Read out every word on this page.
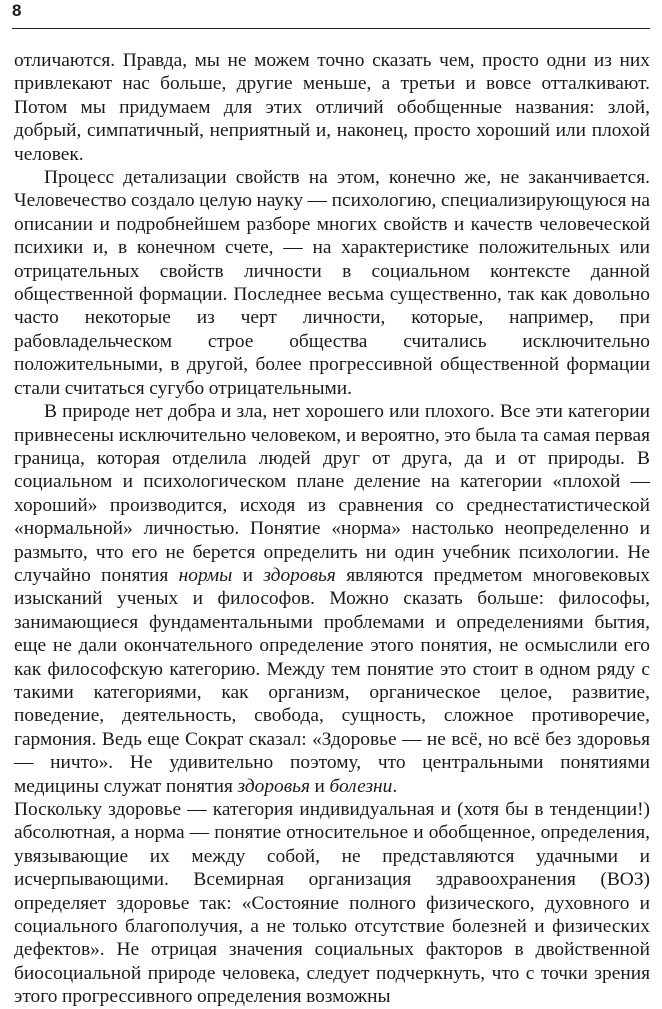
8

отличаются. Правда, мы не можем точно сказать чем, просто одни из них привлекают нас больше, другие меньше, а третьи и вовсе отталкивают. Потом мы придумаем для этих отличий обобщенные названия: злой, добрый, симпатичный, неприятный и, наконец, просто хороший или плохой человек.

Процесс детализации свойств на этом, конечно же, не заканчивается. Человечество создало целую науку — психологию, специализирующуюся на описании и подробнейшем разборе многих свойств и качеств человеческой психики и, в конечном счете, — на характеристике положительных или отрицательных свойств личности в социальном контексте данной общественной формации. Последнее весьма существенно, так как довольно часто некоторые из черт личности, которые, например, при рабовладельческом строе общества считались исключительно положительными, в другой, более прогрессивной общественной формации стали считаться сугубо отрицательными.

В природе нет добра и зла, нет хорошего или плохого. Все эти категории привнесены исключительно человеком, и вероятно, это была та самая первая граница, которая отделила людей друг от друга, да и от природы. В социальном и психологическом плане деление на категории «плохой — хороший» производится, исходя из сравнения со среднестатистической «нормальной» личностью. Понятие «норма» настолько неопределенно и размыто, что его не берется определить ни один учебник психологии. Не случайно понятия нормы и здоровья являются предметом многовековых изысканий ученых и философов. Можно сказать больше: философы, занимающиеся фундаментальными проблемами и определениями бытия, еще не дали окончательного определение этого понятия, не осмыслили его как философскую категорию. Между тем понятие это стоит в одном ряду с такими категориями, как организм, органическое целое, развитие, поведение, деятельность, свобода, сущность, сложное противоречие, гармония. Ведь еще Сократ сказал: «Здоровье — не всё, но всё без здоровья — ничто». Не удивительно поэтому, что центральными понятиями медицины служат понятия здоровья и болезни.

Поскольку здоровье — категория индивидуальная и (хотя бы в тенденции!) абсолютная, а норма — понятие относительное и обобщенное, определения, увязывающие их между собой, не представляются удачными и исчерпывающими. Всемирная организация здравоохранения (ВОЗ) определяет здоровье так: «Состояние полного физического, духовного и социального благополучия, а не только отсутствие болезней и физических дефектов». Не отрицая значения социальных факторов в двойственной биосоциальной природе человека, следует подчеркнуть, что с точки зрения этого прогрессивного определения возможны
